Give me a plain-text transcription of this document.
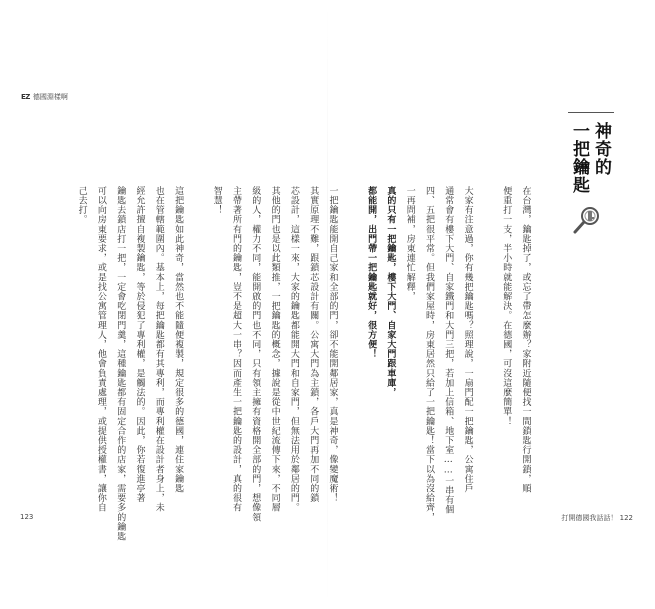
EZ 德國淵樣啊
神奇的
一把鑰匙
在台灣，鑰匙掉了，或忘了帶怎麼辦？家附近隨便找一間鎖匙行開鎖，順
便重打一支，半小時就能解決。在德國，可沒這麼簡單！
大家有注意過，你有幾把鑰匙嗎？照理說，一扇門配一把鑰匙，公寓住戶
通常會有樓下大門、自家鐵門和大門三把，若加上信箱、地下室……一串有個
四、五把很平常。但我們家屋時，房東居然只給了一把鑰匙！當下以為沒給齊，
一再問補，房東連忙解釋，
真的只有一把鑰匙，樓下大門、自家大門跟車庫，
都能開，出門帶一把鑰匙就好，很方便！
一把鑰匙能開自己家和全部的門，卻不能開鄰居家，真是神奇，像變魔術！
其實原理不難，跟鎖芯設計有關。公寓大門為主鎖，各戶大門再加不同的鎖
芯設計，這樣一來，大家的鑰匙都能開大門和自家門，但無法用於鄰居的門。
其他的門也是以此類推，一把鑰匙的概念，據說是從中世紀流傳下來，不同層
級的人，權力不同，能開啟的門也不同，只有領主擁有資格開全部的門，想像領
主帶著所有門的鑰匙，豈不是超大一串？因而產生一把鑰匙的設計，真的很有
智慧！
這把鑰匙如此神奇，當然也不能隨便複製，規定很多的德國，連住家鑰匙
也在管轄範圍內。基本上，每把鑰匙都有其專利，而專利權在設計者身上，未
經允許擅自複製鑰匙，等於侵犯了專利權，是觸法的。因此，你若復進亭著
鑰匙去鎖店打一把，一定會吃閉門羹，這種鑰匙都有固定合作的店家，需要多的鑰匙
可以向房東要求，或是找公寓管理人，他會負責處理，或提供授權書，讓你自
己去打。
123	打開德國我話話！ 122
